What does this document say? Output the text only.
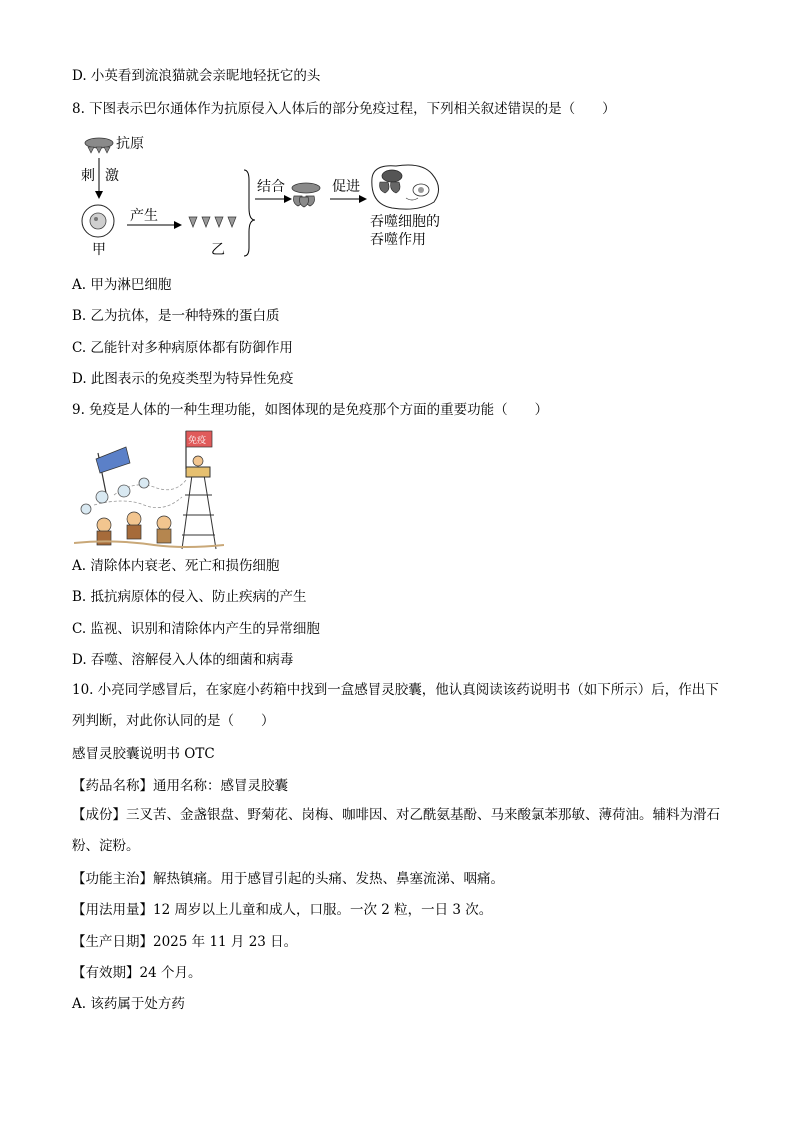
D. 小英看到流浪猫就会亲昵地轻抚它的头
8. 下图表示巴尔通体作为抗原侵入人体后的部分免疫过程，下列相关叙述错误的是（　　）
抗原
刺 激
甲
产生
乙
结合	促进
吞噬细胞的
吞噬作用
A. 甲为淋巴细胞
B. 乙为抗体，是一种特殊的蛋白质
C. 乙能针对多种病原体都有防御作用
D. 此图表示的免疫类型为特异性免疫
9. 免疫是人体的一种生理功能，如图体现的是免疫那个方面的重要功能（　　）
免疫
A. 清除体内衰老、死亡和损伤细胞
B. 抵抗病原体的侵入、防止疾病的产生
C. 监视、识别和清除体内产生的异常细胞
D. 吞噬、溶解侵入人体的细菌和病毒
10. 小亮同学感冒后，在家庭小药箱中找到一盒感冒灵胶囊，他认真阅读该药说明书（如下所示）后，作出下列判断，对此你认同的是（　　）
感冒灵胶囊说明书 OTC
【药品名称】通用名称：感冒灵胶囊
【成份】三叉苦、金盏银盘、野菊花、岗梅、咖啡因、对乙酰氨基酚、马来酸氯苯那敏、薄荷油。辅料为滑石粉、淀粉。
【功能主治】解热镇痛。用于感冒引起的头痛、发热、鼻塞流涕、咽痛。
【用法用量】12 周岁以上儿童和成人，口服。一次 2 粒，一日 3 次。
【生产日期】2025 年 11 月 23 日。
【有效期】24 个月。
A. 该药属于处方药
